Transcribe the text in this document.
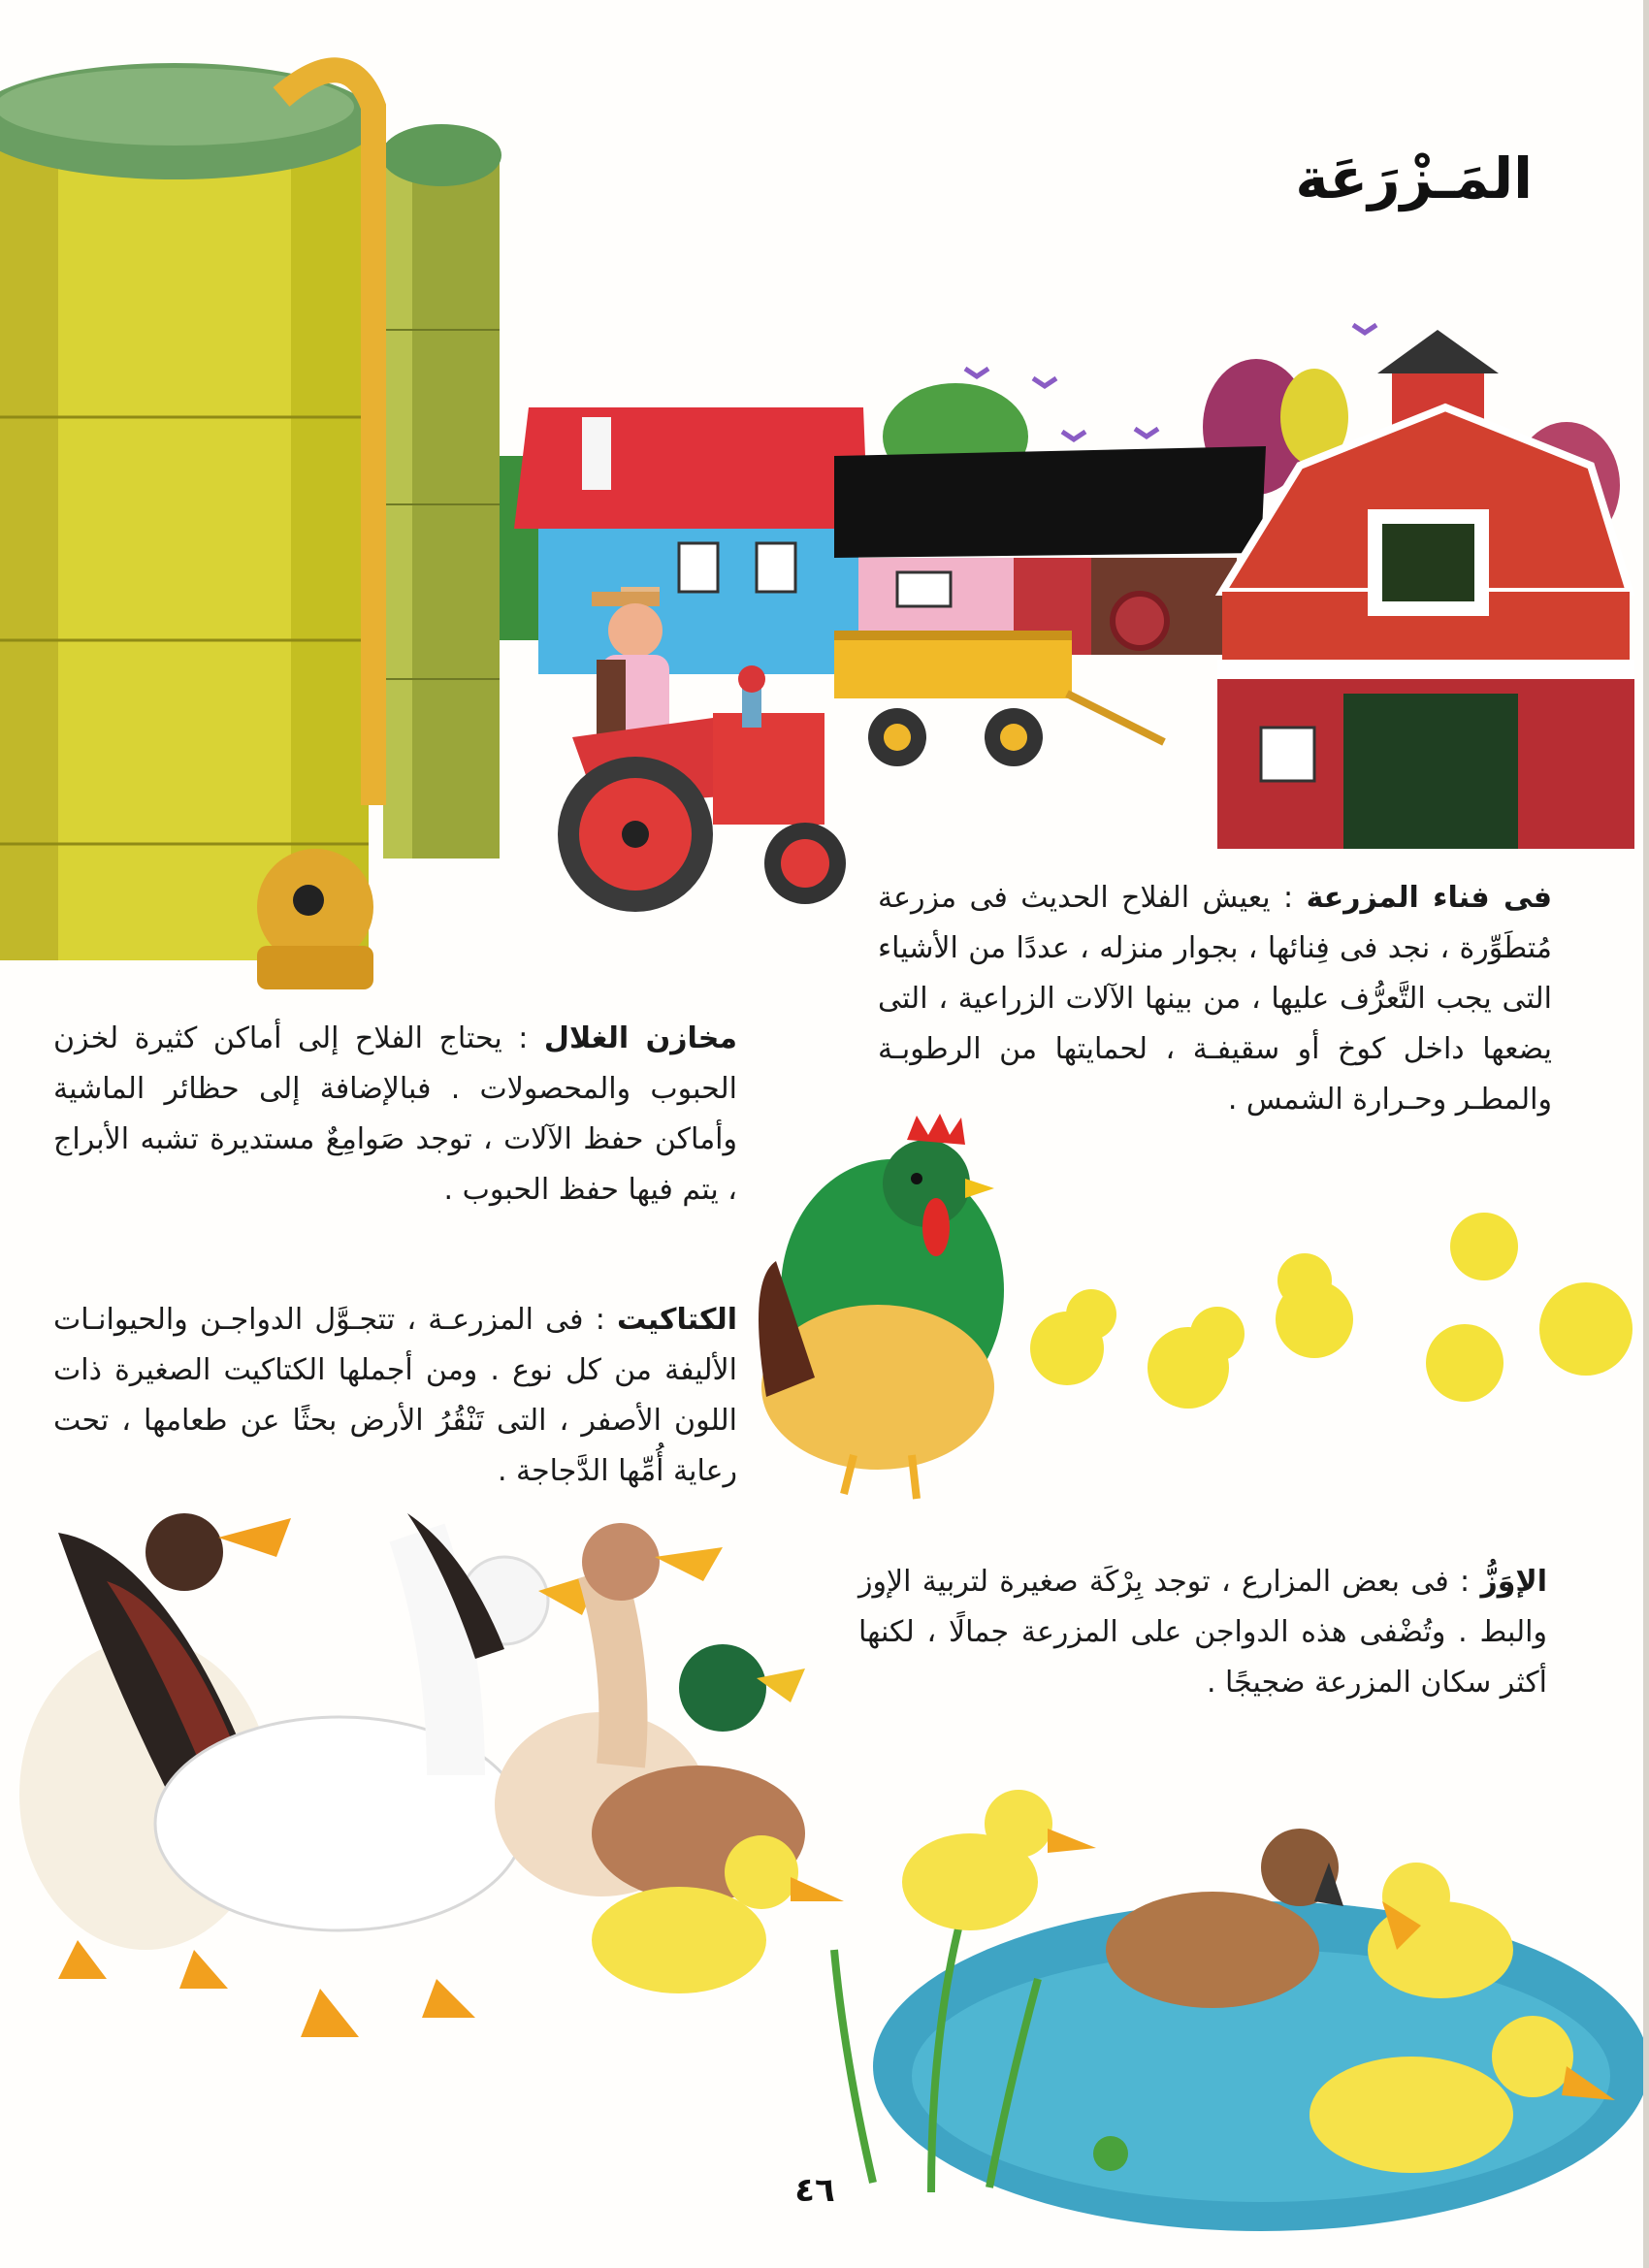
المَـزْرَعَة
فى فناء المزرعة : يعيش الفلاح الحديث فى مزرعة مُتطَوِّرة ، نجد فى فِنائها ، بجوار منزله ، عددًا من الأشياء التى يجب التَّعرُّف عليها ، من بينها الآلات الزراعية ، التى يضعها داخل كوخ أو سقيفـة ، لحمايتها من الرطوبـة والمطـر وحـرارة الشمس .
مخازن الغلال : يحتاج الفلاح إلى أماكن كثيرة لخزن الحبوب والمحصولات . فبالإضافة إلى حظائر الماشية وأماكن حفظ الآلات ، توجد صَوامِعٌ مستديرة تشبه الأبراج ، يتم فيها حفظ الحبوب .
الكتاكيت : فى المزرعـة ، تتجـوَّل الدواجـن والحيوانـات الأليفة من كل نوع . ومن أجملها الكتاكيت الصغيرة ذات اللون الأصفر ، التى تَنْقُرُ الأرض بحثًا عن طعامها ، تحت رعاية أُمِّها الدَّجاجة .
الإوَزُّ : فى بعض المزارع ، توجد بِرْكَة صغيرة لتربية الإوز والبط . وتُضْفى هذه الدواجن على المزرعة جمالًا ، لكنها أكثر سكان المزرعة ضجيجًا .
٤٦
